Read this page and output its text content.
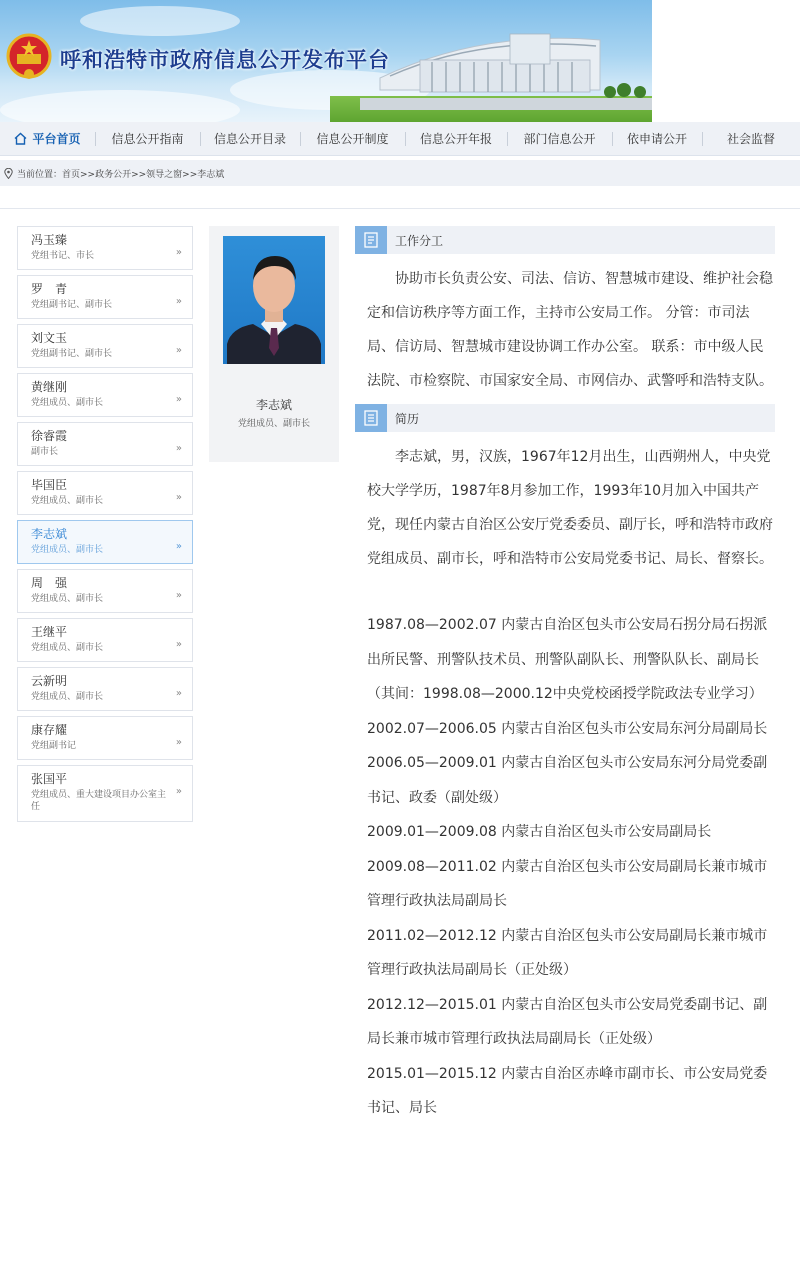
呼和浩特市政府信息公开发布平台
平台首页	信息公开指南	信息公开目录	信息公开制度	信息公开年报	部门信息公开	依申请公开	社会监督
当前位置：首页>>政务公开>>领导之窗>>李志斌
冯玉臻
党组书记、市长	»
罗　青
党组副书记、副市长	»
刘文玉
党组副书记、副市长	»
黄继刚
党组成员、副市长	»
徐睿霞
副市长	»
毕国臣
党组成员、副市长	»
李志斌
党组成员、副市长	»
周　强
党组成员、副市长	»
王继平
党组成员、副市长	»
云新明
党组成员、副市长	»
康存耀
党组副书记	»
张国平
党组成员、重大建设项目办公室主任
»
李志斌
党组成员、副市长
工作分工
协助市长负责公安、司法、信访、智慧城市建设、维护社会稳定和信访秩序等方面工作，主持市公安局工作。 分管：市司法局、信访局、智慧城市建设协调工作办公室。 联系：市中级人民法院、市检察院、市国家安全局、市网信办、武警呼和浩特支队。
简历
李志斌，男，汉族，1967年12月出生，山西朔州人，中央党校大学学历，1987年8月参加工作，1993年10月加入中国共产党，现任内蒙古自治区公安厅党委委员、副厅长，呼和浩特市政府党组成员、副市长，呼和浩特市公安局党委书记、局长、督察长。
1987.08—2002.07 内蒙古自治区包头市公安局石拐分局石拐派出所民警、刑警队技术员、刑警队副队长、刑警队队长、副局长（其间：1998.08—2000.12中央党校函授学院政法专业学习）
2002.07—2006.05 内蒙古自治区包头市公安局东河分局副局长
2006.05—2009.01 内蒙古自治区包头市公安局东河分局党委副书记、政委（副处级）
2009.01—2009.08 内蒙古自治区包头市公安局副局长
2009.08—2011.02 内蒙古自治区包头市公安局副局长兼市城市管理行政执法局副局长
2011.02—2012.12 内蒙古自治区包头市公安局副局长兼市城市管理行政执法局副局长（正处级）
2012.12—2015.01 内蒙古自治区包头市公安局党委副书记、副局长兼市城市管理行政执法局副局长（正处级）
2015.01—2015.12 内蒙古自治区赤峰市副市长、市公安局党委书记、局长
